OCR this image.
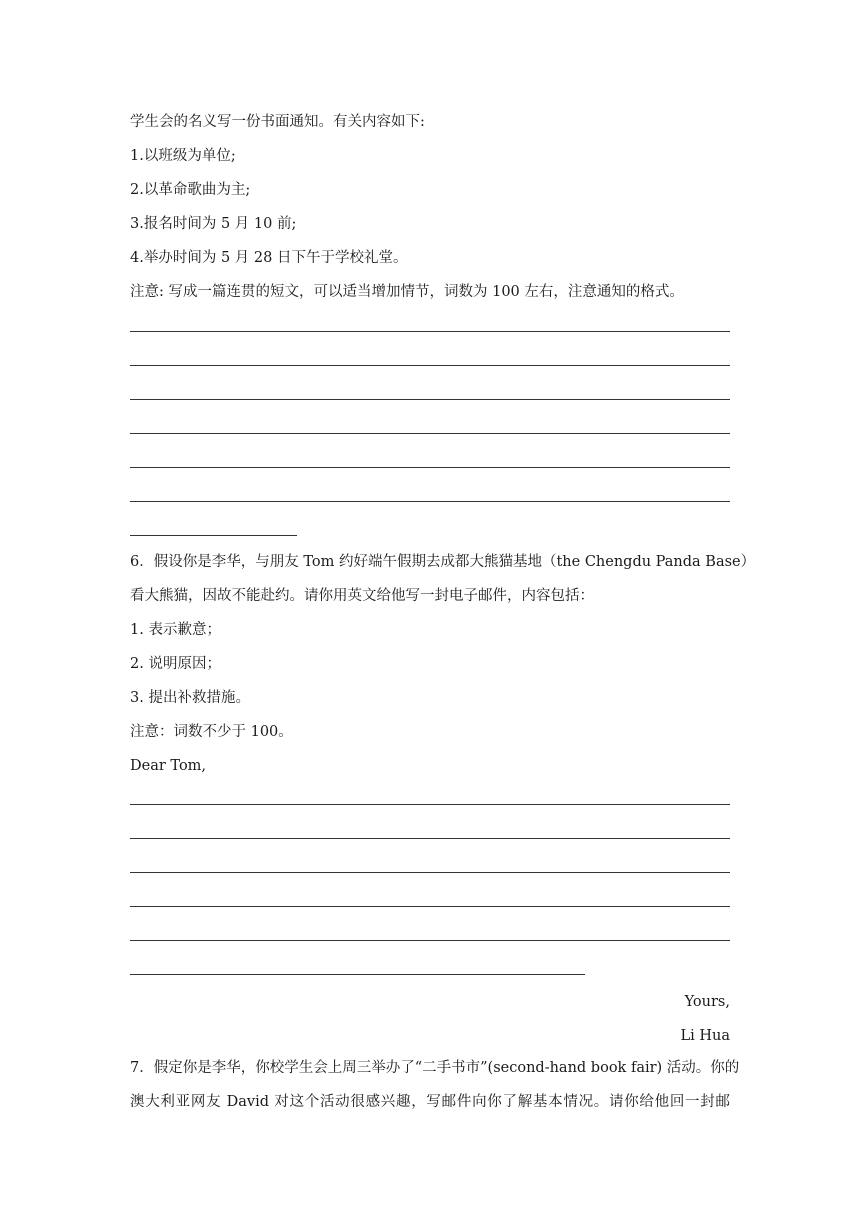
学生会的名义写一份书面通知。有关内容如下:
1.以班级为单位;
2.以革命歌曲为主;
3.报名时间为 5 月 10 前;
4.举办时间为 5 月 28 日下午于学校礼堂。
注意: 写成一篇连贯的短文，可以适当增加情节，词数为 100 左右，注意通知的格式。
6．假设你是李华，与朋友 Tom 约好端午假期去成都大熊猫基地（the Chengdu Panda Base）
看大熊猫，因故不能赴约。请你用英文给他写一封电子邮件，内容包括：
1. 表示歉意；
2. 说明原因；
3. 提出补救措施。
注意：词数不少于 100。
Dear Tom,
Yours,
Li Hua
7．假定你是李华，你校学生会上周三举办了“二手书市”(second-hand book fair) 活动。你的
澳大利亚网友 David 对这个活动很感兴趣，写邮件向你了解基本情况。请你给他回一封邮
